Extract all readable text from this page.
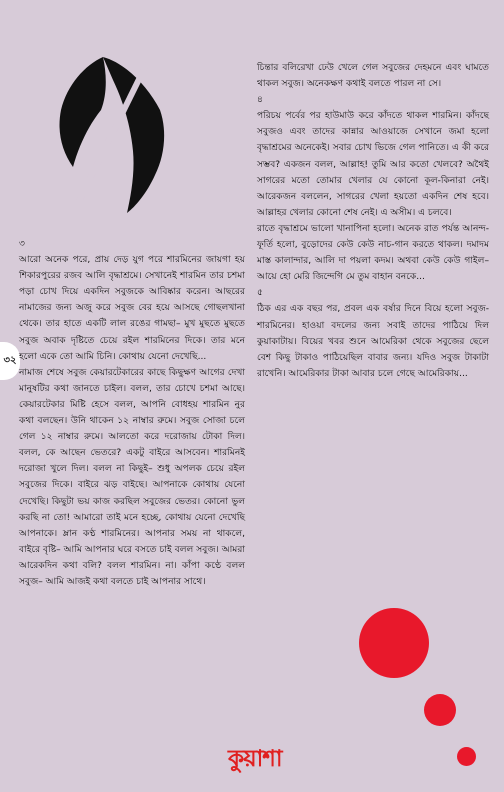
৩২
৩

আরো অনেক পরে, প্রায় দেড় যুগ পরে শারমিনের জায়গা হয় শিকারপুরের রজব আলি বৃদ্ধাশ্রমে। সেখানেই শারমিন তার চশমা পড়া চোখ দিয়ে একদিন সবুজকে আবিষ্কার করেন। আছরের নামাজের জন্য অজু করে সবুজ বের হয়ে আসছে গোছলখানা থেকে। তার হাতে একটি লাল রঙের গামছা– মুখ মুছতে মুছতে সবুজ অবাক দৃষ্টিতে চেয়ে রইল শারমিনের দিকে। তার মনে হলো একে তো আমি চিনি। কোথায় যেনো দেখেছি...

নামাজ শেষে সবুজ কেয়ারটেকারের কাছে কিছুক্ষণ আগের দেখা মানুষটির কথা জানতে চাইল। বলল, তার চোখে চশমা আছে। কেয়ারটেকার মিষ্টি হেসে বলল, আপনি বোধহয় শারমিন নুর কথা বলছেন। উনি থাকেন ১২ নাম্বার রুমে। সবুজ সোজা চলে গেল ১২ নাম্বার রুমে। আলতো করে দরোজায় টোকা দিল। বলল, কে আছেন ভেতরে? একটু বাইরে আসবেন। শারমিনই দরোজা খুলে দিল। বলল না কিছুই– শুধু অপলক চেয়ে রইল সবুজের দিকে। বাইরে ঝড় বাইছে। আপনাকে কোথায় যেনো দেখেছি। কিছুটা ভয় কাজ করছিল সবুজের ভেতর। কোনো ভুল করছি না তো! আমারো তাই মনে হচ্ছে, কোথায় যেনো দেখেছি আপনাকে। ম্লান কণ্ঠ শারমিনের। আপনার সময় না থাকলে, বাইরে বৃষ্টি– আমি আপনার ঘরে বসতে চাই বলল সবুজ। আমরা আরেকদিন কথা বলি? বলল শারমিন। না। কাঁপা কণ্ঠে বলল সবুজ– আমি আজই কথা বলতে চাই আপনার সাথে।

চিন্তার বলিরেখা ঢেউ খেলে গেল সবুজের দেহমনে এবং ঘামতে থাকল সবুজ। অনেকক্ষণ কথাই বলতে পারল না সে।

৪

পরিচয় পর্বের পর হাউমাউ করে কাঁদতে থাকল শারমিন। কাঁদছে সবুজও এবং তাদের কান্নার আওয়াজে সেখানে জমা হলো বৃদ্ধাশ্রমের অনেকেই। সবার চোখ ভিজে গেল পানিতে। এ কী করে সম্ভব? একজন বলল, আল্লাহ! তুমি আর কতো খেলবে? অথৈই সাগরের মতো তোমার খেলার যে কোনো কূল-কিনারা নেই। আরেকজন বললেন, সাগরের খেলা হয়তো একদিন শেষ হবে। আল্লাহর খেলার কোনো শেষ নেই। এ অসীম। এ চলবে।

রাতে বৃদ্ধাশ্রমে ভালো খানাপিনা হলো। অনেক রাত পর্যন্ত আনন্দ-ফূর্তি হলো, বুড়োদের কেউ কেউ নাচ-গান করতে থাকল। দমাদম মাস্ত কালান্দার, আলি দা পয়লা কদম। অথবা কেউ কেউ গাইল– আয়ে হো মেরি জিন্দেগি মে তুম বাহান বনকে...

৫

ঠিক এর এক বছর পর, প্রবল এক বর্ষার দিনে বিয়ে হলো সবুজ-শারমিনের। হাওয়া বদলের জন্য সবাই তাদের পাঠিয়ে দিল কুয়াকাটায়। বিয়ের খবর শুনে আমেরিকা থেকে সবুজের ছেলে বেশ কিছু টাকাও পাঠিয়েছিল বাবার জন্য। যদিও সবুজ টাকাটা রাখেনি। আমেরিকার টাকা আবার চলে গেছে আমেরিকায়...

কুয়াশা
